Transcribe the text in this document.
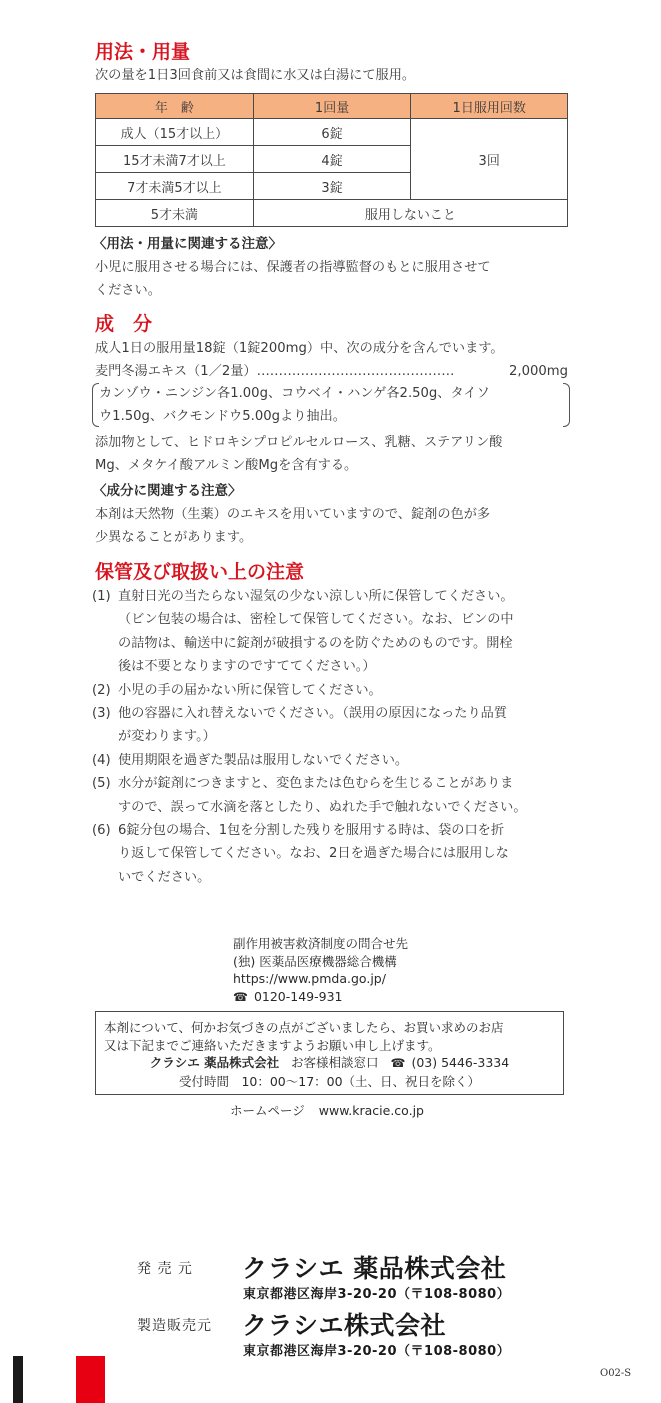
用法・用量
次の量を1日3回食前又は食間に水又は白湯にて服用。
年　齢	1回量	1日服用回数
成人（15才以上）	6錠	3回
15才未満7才以上	4錠	
7才未満5才以上	3錠	
5才未満	服用しないこと	
〈用法・用量に関連する注意〉
小児に服用させる場合には、保護者の指導監督のもとに服用させて
ください。
成　分
成人1日の服用量18錠（1錠200mg）中、次の成分を含んでいます。
麦門冬湯エキス（1／2量） ………………………………………	2,000mg
カンゾウ・ニンジン各1.00g、コウベイ・ハンゲ各2.50g、タイソ
ウ1.50g、バクモンドウ5.00gより抽出。
添加物として、ヒドロキシプロピルセルロース、乳糖、ステアリン酸
Mg、メタケイ酸アルミン酸Mgを含有する。
〈成分に関連する注意〉
本剤は天然物（生薬）のエキスを用いていますので、錠剤の色が多
少異なることがあります。
保管及び取扱い上の注意
(1) 直射日光の当たらない湿気の少ない涼しい所に保管してください。
（ビン包装の場合は、密栓して保管してください。なお、ビンの中
の詰物は、輸送中に錠剤が破損するのを防ぐためのものです。開栓
後は不要となりますのですててください。）
(2) 小児の手の届かない所に保管してください。
(3) 他の容器に入れ替えないでください。（誤用の原因になったり品質
が変わります。）
(4) 使用期限を過ぎた製品は服用しないでください。
(5) 水分が錠剤につきますと、変色または色むらを生じることがありま
すので、誤って水滴を落としたり、ぬれた手で触れないでください。
(6) 6錠分包の場合、1包を分割した残りを服用する時は、袋の口を折
り返して保管してください。なお、2日を過ぎた場合には服用しな
いでください。
副作用被害救済制度の問合せ先
(独) 医薬品医療機器総合機構
https://www.pmda.go.jp/
☎ 0120-149-931
本剤について、何かお気づきの点がございましたら、お買い求めのお店
又は下記までご連絡いただきますようお願い申し上げます。
クラシエ 薬品株式会社 お客様相談窓口 ☎ (03) 5446-3334
受付時間　10：00〜17：00（土、日、祝日を除く）
ホームページ www.kracie.co.jp
発 売 元 クラシエ 薬品株式会社
東京都港区海岸3-20-20（〒108-8080）
製造販売元 クラシエ株式会社
東京都港区海岸3-20-20（〒108-8080）
O02-S
